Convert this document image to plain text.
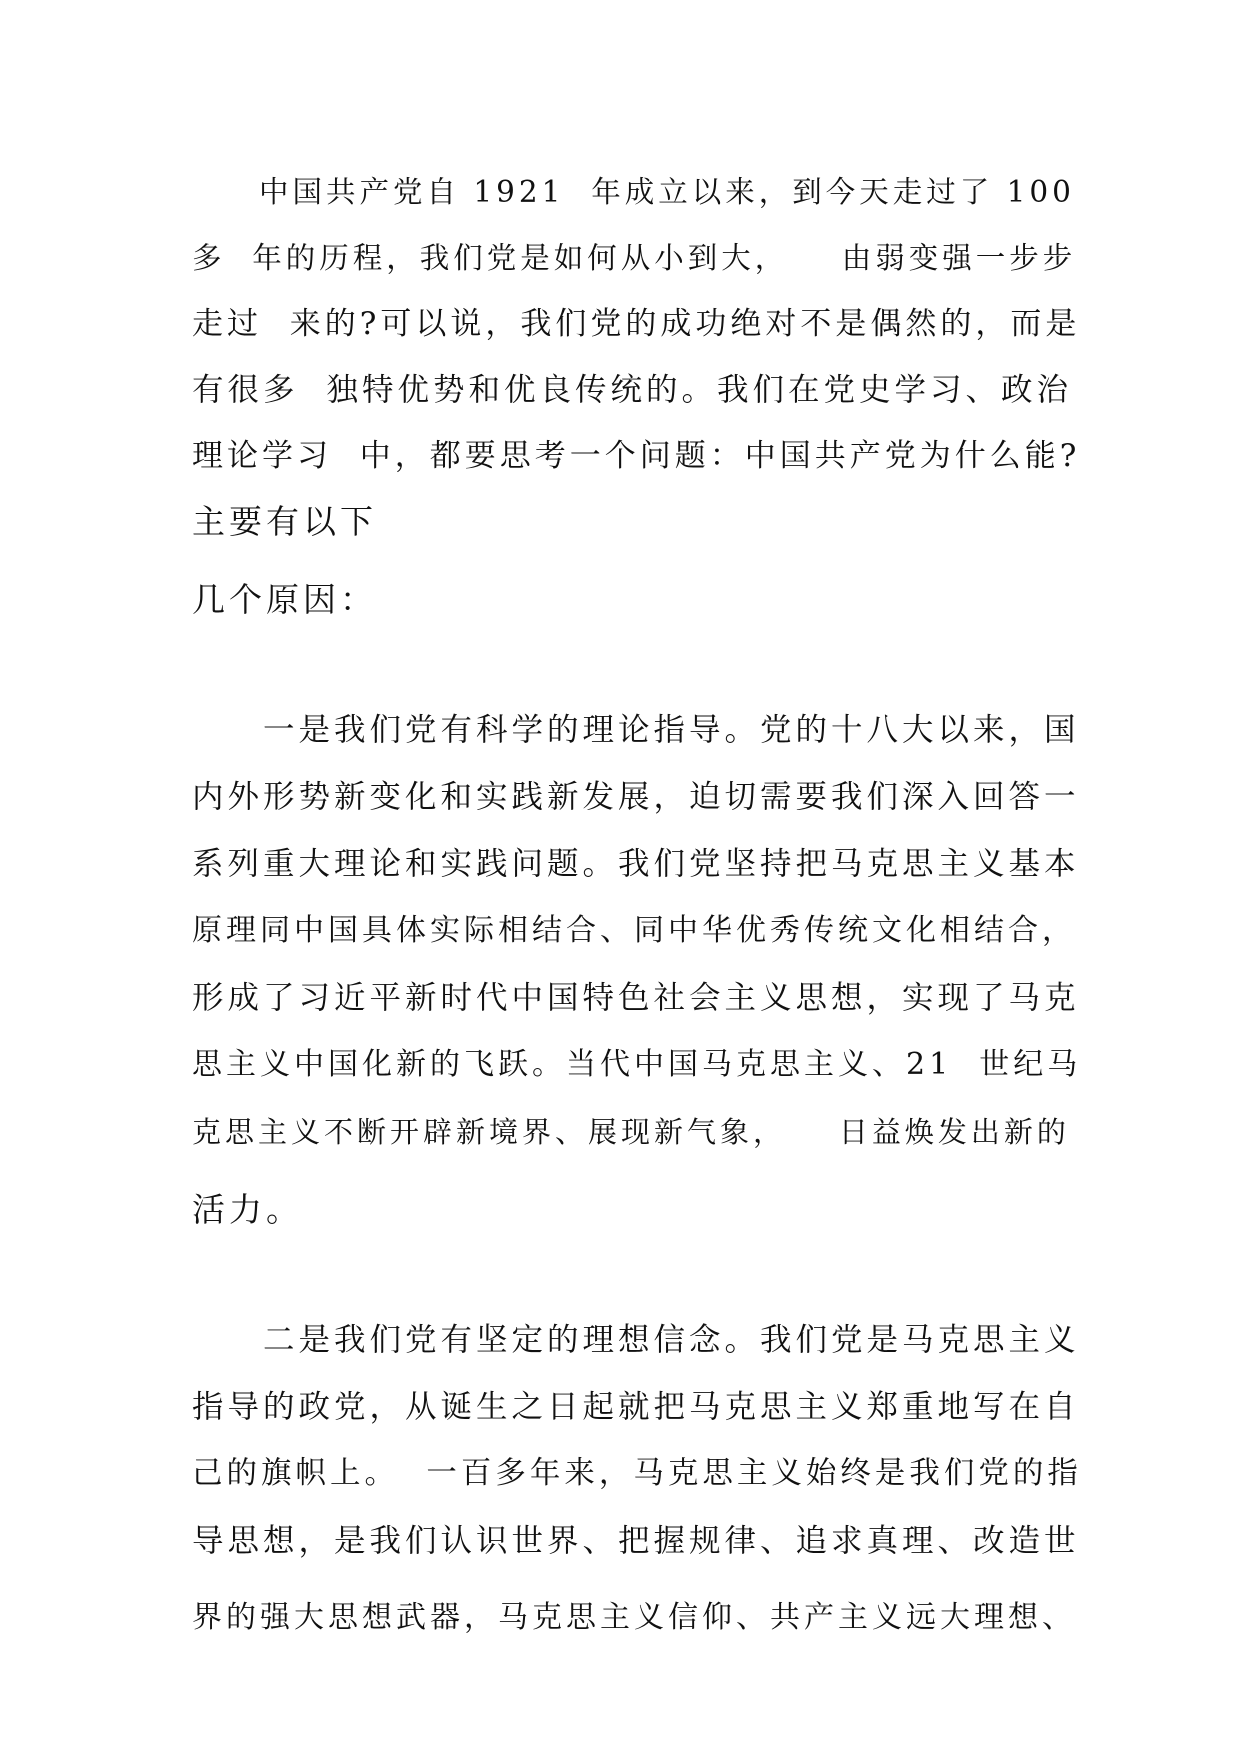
　　中国共产党自 1921  年成立以来，到今天走过了 100
多  年的历程，我们党是如何从小到大，    由弱变强一步步
走过  来的?可以说，我们党的成功绝对不是偶然的，而是
有很多  独特优势和优良传统的。我们在党史学习、政治
理论学习  中，都要思考一个问题：中国共产党为什么能?
主要有以下
几个原因：
　　一是我们党有科学的理论指导。党的十八大以来，国
内外形势新变化和实践新发展，迫切需要我们深入回答一
系列重大理论和实践问题。我们党坚持把马克思主义基本
原理同中国具体实际相结合、同中华优秀传统文化相结合，
形成了习近平新时代中国特色社会主义思想，实现了马克
思主义中国化新的飞跃。当代中国马克思主义、21  世纪马
克思主义不断开辟新境界、展现新气象，    日益焕发出新的
活力。
　　二是我们党有坚定的理想信念。我们党是马克思主义
指导的政党，从诞生之日起就把马克思主义郑重地写在自
己的旗帜上。  一百多年来，马克思主义始终是我们党的指
导思想，是我们认识世界、把握规律、追求真理、改造世
界的强大思想武器，马克思主义信仰、共产主义远大理想、
